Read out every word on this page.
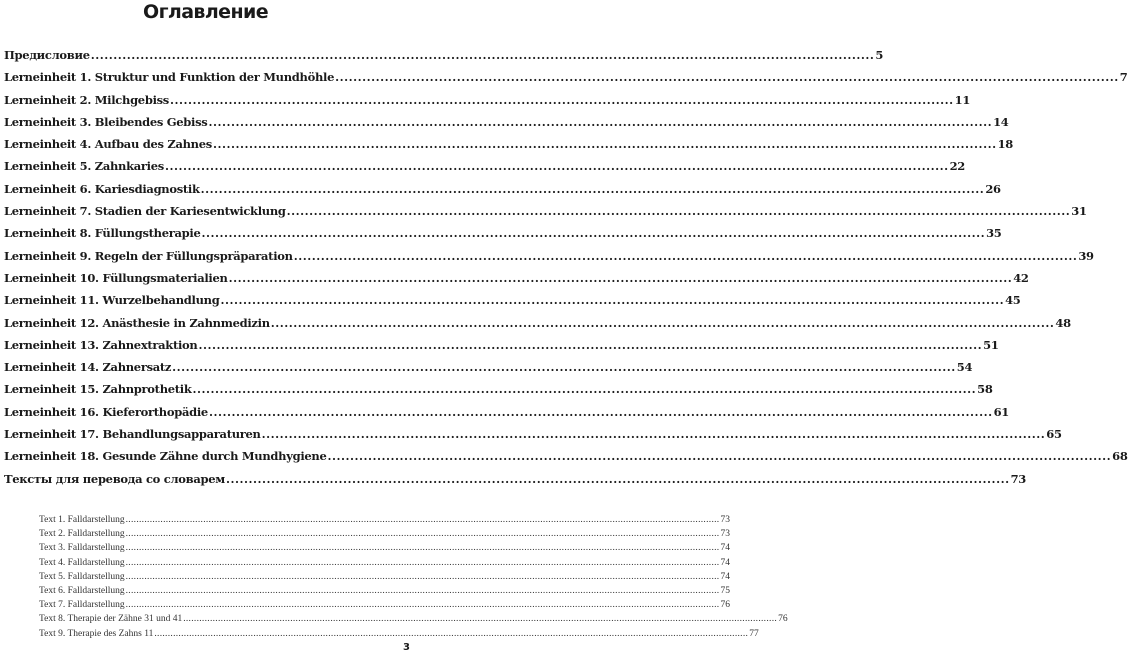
Оглавление
Предисловие .....	5
Lerneinheit 1. Struktur und Funktion der Mundhöhle .....	7
Lerneinheit 2. Milchgebiss .....	11
Lerneinheit 3. Bleibendes Gebiss .....	14
Lerneinheit 4. Aufbau des Zahnes .....	18
Lerneinheit 5. Zahnkaries .....	22
Lerneinheit 6. Kariesdiagnostik .....	26
Lerneinheit 7. Stadien der Kariesentwicklung .....	31
Lerneinheit 8. Füllungstherapie .....	35
Lerneinheit 9. Regeln der Füllungspräparation .....	39
Lerneinheit 10. Füllungsmaterialien .....	42
Lerneinheit 11. Wurzelbehandlung .....	45
Lerneinheit 12. Anästhesie in Zahnmedizin .....	48
Lerneinheit 13. Zahnextraktion .....	51
Lerneinheit 14. Zahnersatz .....	54
Lerneinheit 15. Zahnprothetik .....	58
Lerneinheit 16. Kieferorthopädie .....	61
Lerneinheit 17. Behandlungsapparaturen .....	65
Lerneinheit 18. Gesunde Zähne durch Mundhygiene .....	68
Тексты для перевода со словарем .....	73
Text 1. Falldarstellung .....	73
Text 2. Falldarstellung .....	73
Text 3. Falldarstellung .....	74
Text 4. Falldarstellung .....	74
Text 5. Falldarstellung .....	74
Text 6. Falldarstellung .....	75
Text 7. Falldarstellung .....	76
Text 8. Therapie der Zähne 31 und 41 .....	76
Text 9. Therapie des Zahns 11 .....	77
3
